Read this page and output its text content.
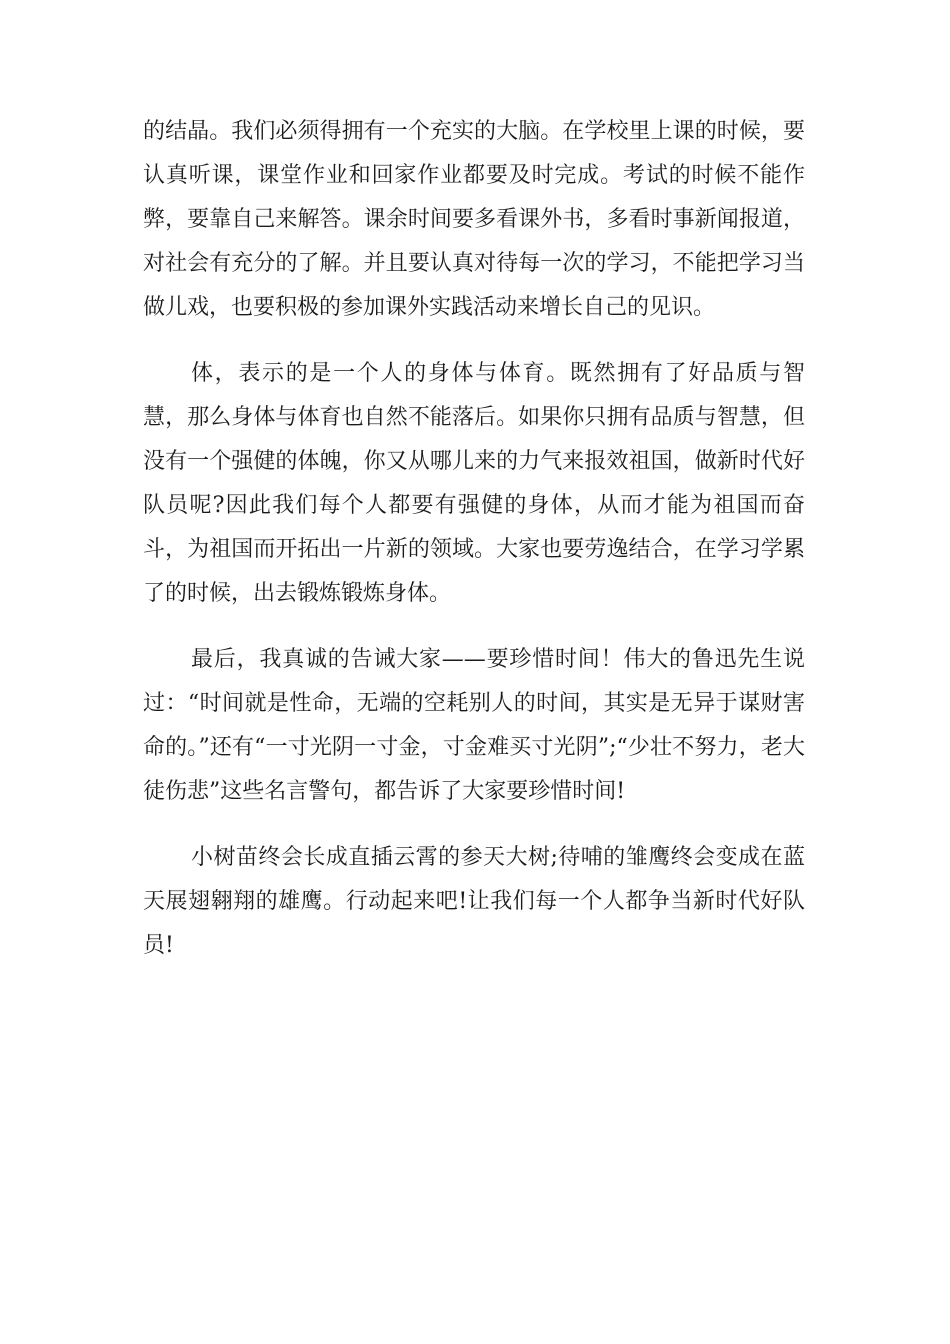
的结晶。我们必须得拥有一个充实的大脑。在学校里上课的时候，要认真听课，课堂作业和回家作业都要及时完成。考试的时候不能作弊，要靠自己来解答。课余时间要多看课外书，多看时事新闻报道，对社会有充分的了解。并且要认真对待每一次的学习，不能把学习当做儿戏，也要积极的参加课外实践活动来增长自己的见识。

体，表示的是一个人的身体与体育。既然拥有了好品质与智慧，那么身体与体育也自然不能落后。如果你只拥有品质与智慧，但没有一个强健的体魄，你又从哪儿来的力气来报效祖国，做新时代好队员呢?因此我们每个人都要有强健的身体，从而才能为祖国而奋斗，为祖国而开拓出一片新的领域。大家也要劳逸结合，在学习学累了的时候，出去锻炼锻炼身体。

最后，我真诚的告诫大家——要珍惜时间！伟大的鲁迅先生说过：“时间就是性命，无端的空耗别人的时间，其实是无异于谋财害命的。”还有“一寸光阴一寸金，寸金难买寸光阴”;“少壮不努力，老大徒伤悲”这些名言警句，都告诉了大家要珍惜时间!

小树苗终会长成直插云霄的参天大树;待哺的雏鹰终会变成在蓝天展翅翱翔的雄鹰。行动起来吧!让我们每一个人都争当新时代好队员!
